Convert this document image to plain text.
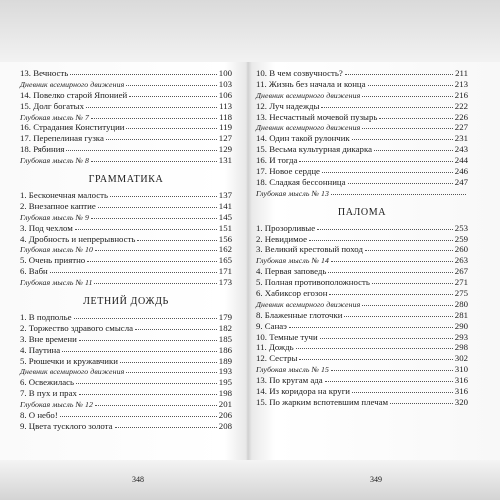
13. Вечность	100
Дневник всемирного движения	103
14. Повелко старой Японией	106
15. Долг богатых	113
Глубокая мысль № 7	118
16. Страдания Конституции	119
17. Перепелиная гузка	127
18. Рябиния	129
Глубокая мысль № 8	131
ГРАММАТИКА
1. Бесконечная малость	137
2. Внезапное каптие	141
Глубокая мысль № 9	145
3. Под чехлом	151
4. Дробность и непрерывность	156
Глубокая мысль № 10	162
5. Очень приятно	165
6. Вабн	171
Глубокая мысль № 11	173
ЛЕТНИЙ ДОЖДЬ
1. В подполье	179
2. Торжество здравого смысла	182
3. Вне времени	185
4. Паутина	186
5. Рюшечки и кружавчики	189
Дневник всемирного движения	193
6. Освежилась	195
7. В пух и прах	198
Глубокая мысль № 12	201
8. О небо!	206
9. Цвета тусклого золота	208
10. В чем созвучность?	211
11. Жизнь без начала и конца	213
Дневник всемирного движения	216
12. Луч надежды	222
13. Несчастный мочевой пузырь	226
Дневник всемирного движения	227
14. Один такой рулончик	231
15. Весьма культурная дикарка	243
16. И тогда	244
17. Новое сердце	246
18. Сладкая бессонница	247
Глубокая мысль № 13
ПАЛОМА
1. Прозорливые	253
2. Невидимое	259
3. Великий крестовый поход	260
Глубокая мысль № 14	263
4. Первая заповедь	267
5. Полная противоположность	271
6. Хабиксор егозон	275
Дневник всемирного движения	280
8. Блаженные глоточки	281
9. Санаэ	290
10. Темные тучи	293
11. Дождь	298
12. Сестры	302
Глубокая мысль № 15	310
13. По кругам ада	316
14. Из коридора на круги	316
15. По жарким вспотевшим плечам	320
348	349
